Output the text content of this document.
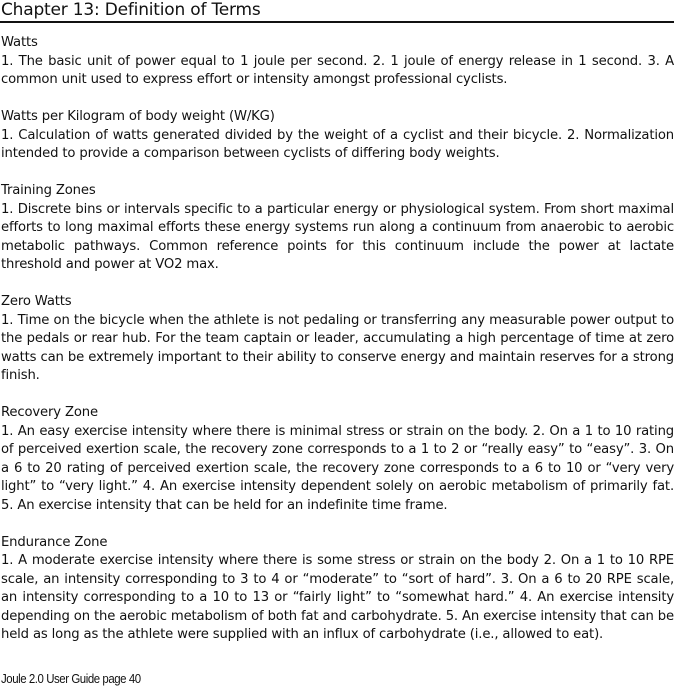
Chapter 13: Definition of Terms
Watts
1. The basic unit of power equal to 1 joule per second. 2. 1 joule of energy release in 1 second. 3. A common unit used to express effort or intensity amongst professional cyclists.
Watts per Kilogram of body weight (W/KG)
1. Calculation of watts generated divided by the weight of a cyclist and their bicycle. 2. Normalization intended to provide a comparison between cyclists of differing body weights.
Training Zones
1. Discrete bins or intervals specific to a particular energy or physiological system. From short maximal efforts to long maximal efforts these energy systems run along a continuum from anaerobic to aerobic metabolic pathways. Common reference points for this continuum include the power at lactate threshold and power at VO2 max.
Zero Watts
1. Time on the bicycle when the athlete is not pedaling or transferring any measurable power output to the pedals or rear hub. For the team captain or leader, accumulating a high percentage of time at zero watts can be extremely important to their ability to conserve energy and maintain reserves for a strong finish.
Recovery Zone
1. An easy exercise intensity where there is minimal stress or strain on the body. 2. On a 1 to 10 rating of perceived exertion scale, the recovery zone corresponds to a 1 to 2 or “really easy” to “easy”. 3. On a 6 to 20 rating of perceived exertion scale, the recovery zone corresponds to a 6 to 10 or “very very light” to “very light.” 4. An exercise intensity dependent solely on aerobic metabolism of primarily fat. 5. An exercise intensity that can be held for an indefinite time frame.
Endurance Zone
1. A moderate exercise intensity where there is some stress or strain on the body 2. On a 1 to 10 RPE scale, an intensity corresponding to 3 to 4 or “moderate” to “sort of hard”. 3. On a 6 to 20 RPE scale, an intensity corresponding to a 10 to 13 or “fairly light” to “somewhat hard.” 4. An exercise intensity depending on the aerobic metabolism of both fat and carbohydrate. 5. An exercise intensity that can be held as long as the athlete were supplied with an influx of carbohydrate (i.e., allowed to eat).
Joule 2.0 User Guide page 40
